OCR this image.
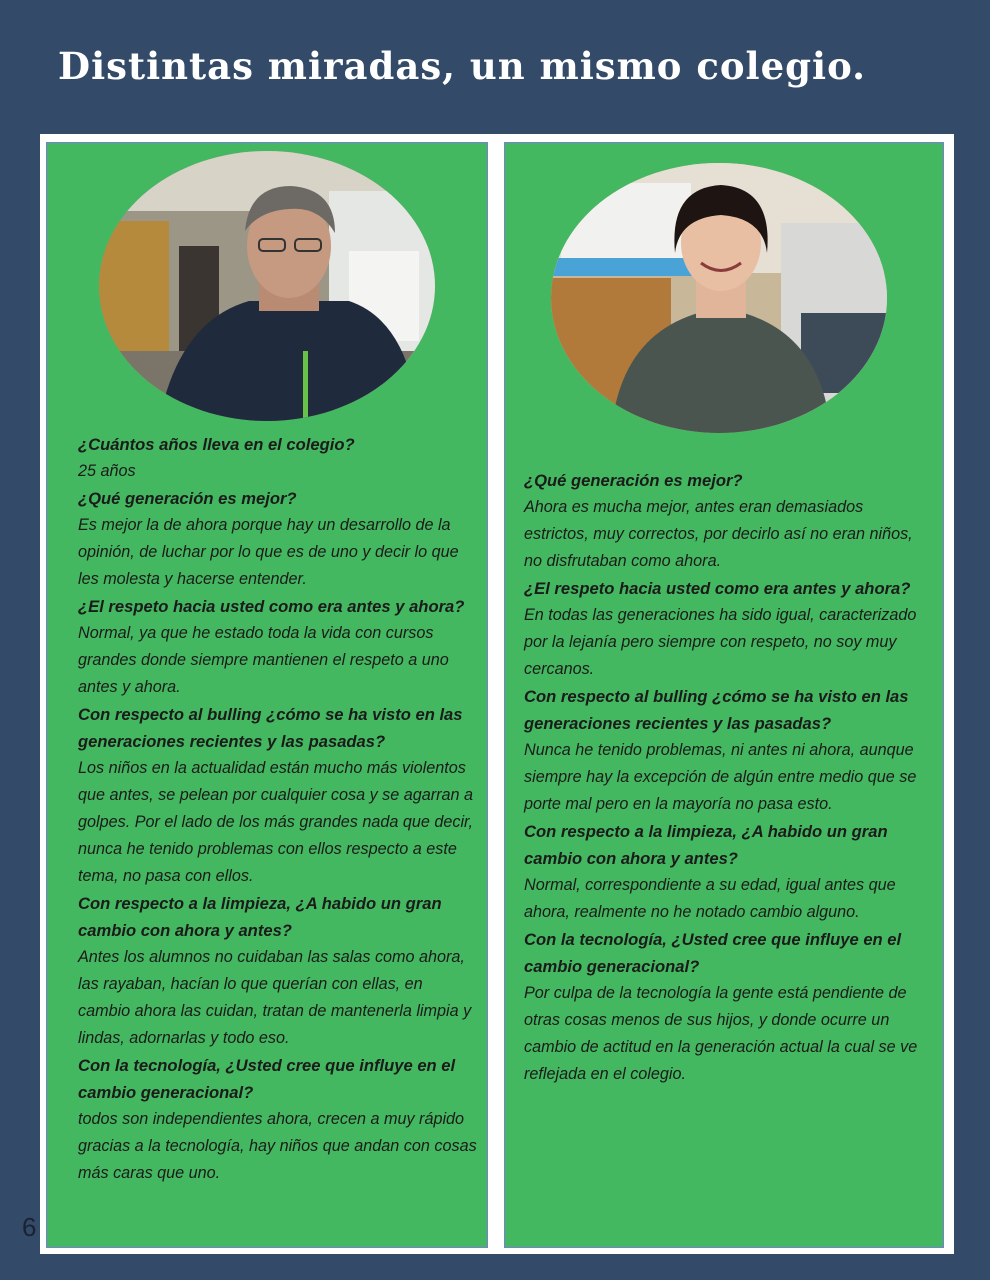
Distintas miradas, un mismo colegio.
¿Cuántos años lleva en el colegio?
25 años
¿Qué generación es mejor?
Es mejor la de ahora porque hay un desarrollo de la opinión, de luchar por lo que es de uno y decir lo que les molesta y hacerse entender.
¿El respeto hacia usted como era antes y ahora?
Normal, ya que he estado toda la vida con cursos grandes donde siempre mantienen el respeto a uno antes y ahora.
Con respecto al bulling ¿cómo se ha visto en las generaciones recientes y las pasadas?
Los niños en la actualidad están mucho más violentos que antes, se pelean por cualquier cosa y se agarran a golpes. Por el lado de los más grandes nada que decir, nunca he tenido problemas con ellos respecto a este tema, no pasa con ellos.
Con respecto a la limpieza, ¿A habido un gran cambio con ahora y antes?
Antes los alumnos no cuidaban las salas como ahora, las rayaban, hacían lo que querían con ellas, en cambio ahora las cuidan, tratan de mantenerla limpia y lindas, adornarlas y todo eso.
Con la tecnología, ¿Usted cree que influye en el cambio generacional?
todos son independientes ahora, crecen a muy rápido gracias a la tecnología, hay niños que andan con cosas más caras que uno.
¿Qué generación es mejor?
Ahora es mucha mejor, antes eran demasiados estrictos, muy correctos, por decirlo así no eran niños, no disfrutaban como ahora.
¿El respeto hacia usted como era antes y ahora?
En todas las generaciones ha sido igual, caracterizado por la lejanía pero siempre con respeto, no soy muy cercanos.
Con respecto al bulling ¿cómo se ha visto en las generaciones recientes y las pasadas?
Nunca he tenido problemas, ni antes ni ahora, aunque siempre hay la excepción de algún entre medio que se porte mal pero en la mayoría no pasa esto.
Con respecto a la limpieza, ¿A habido un gran cambio con ahora y antes?
Normal, correspondiente a su edad, igual antes que ahora, realmente no he notado cambio alguno.
Con la tecnología, ¿Usted cree que influye en el cambio generacional?
Por culpa de la tecnología la gente está pendiente de otras cosas menos de sus hijos, y donde ocurre un cambio de actitud en la generación actual la cual se ve reflejada en el colegio.
6
